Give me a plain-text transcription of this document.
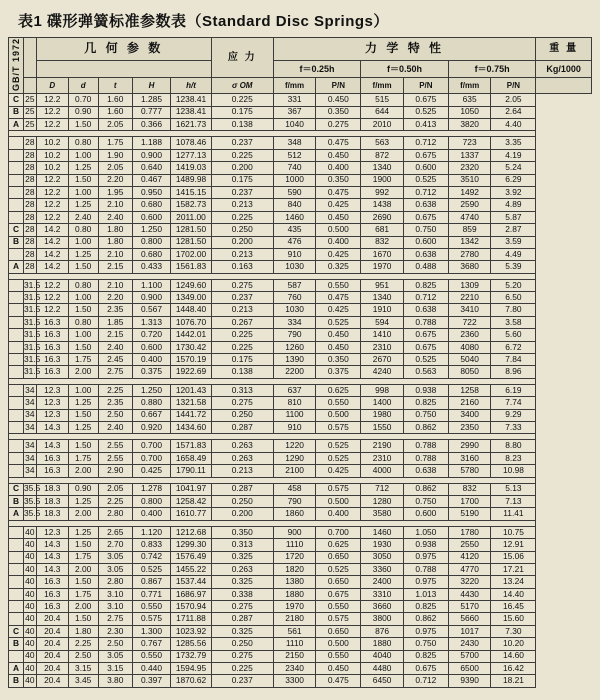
表1 碟形弹簧标准参数表（Standard Disc Springs）
GB/T 1972		几 何 参 数					应 力	力 学 特 性						重 量
								f＝0.25h		f＝0.50h		f＝0.75h		Kg/1000
		D	d	t	H	h/t	σ OM	f/mm	P/N	f/mm	P/N	f/mm	P/N	
C	25	12.2	0.70	1.60	1.285	1238.41	0.225	331	0.450	515	0.675	635	2.05	
B	25	12.2	0.90	1.60	0.777	1238.41	0.175	367	0.350	644	0.525	1050	2.64	
A	25	12.2	1.50	2.05	0.366	1621.73	0.138	1040	0.275	2010	0.413	3820	4.40	

	28	10.2	0.80	1.75	1.188	1078.46	0.237	348	0.475	563	0.712	723	3.35	
	28	10.2	1.00	1.90	0.900	1277.13	0.225	512	0.450	872	0.675	1337	4.19	
	28	10.2	1.25	2.05	0.640	1419.03	0.200	740	0.400	1340	0.600	2320	5.24	
	28	12.2	1.50	2.20	0.467	1489.98	0.175	1000	0.350	1900	0.525	3510	6.29	
	28	12.2	1.00	1.95	0.950	1415.15	0.237	590	0.475	992	0.712	1492	3.92	
	28	12.2	1.25	2.10	0.680	1582.73	0.213	840	0.425	1438	0.638	2590	4.89	
	28	12.2	2.40	2.40	0.600	2011.00	0.225	1460	0.450	2690	0.675	4740	5.87	
C	28	14.2	0.80	1.80	1.250	1281.50	0.250	435	0.500	681	0.750	859	2.87	
B	28	14.2	1.00	1.80	0.800	1281.50	0.200	476	0.400	832	0.600	1342	3.59	
	28	14.2	1.25	2.10	0.680	1702.00	0.213	910	0.425	1670	0.638	2780	4.49	
A	28	14.2	1.50	2.15	0.433	1561.83	0.163	1030	0.325	1970	0.488	3680	5.39	

	31.5	12.2	0.80	2.10	1.100	1249.60	0.275	587	0.550	951	0.825	1309	5.20	
	31.5	12.2	1.00	2.20	0.900	1349.00	0.237	760	0.475	1340	0.712	2210	6.50	
	31.5	12.2	1.50	2.35	0.567	1448.40	0.213	1030	0.425	1910	0.638	3410	7.80	
	31.5	16.3	0.80	1.85	1.313	1076.70	0.267	334	0.525	594	0.788	722	3.58	
	31.5	16.3	1.00	2.15	0.720	1442.01	0.225	790	0.450	1410	0.675	2360	5.60	
	31.5	16.3	1.50	2.40	0.600	1730.42	0.225	1260	0.450	2310	0.675	4080	6.72	
	31.5	16.3	1.75	2.45	0.400	1570.19	0.175	1390	0.350	2670	0.525	5040	7.84	
	31.5	16.3	2.00	2.75	0.375	1922.69	0.138	2200	0.375	4240	0.563	8050	8.96	

	34	12.3	1.00	2.25	1.250	1201.43	0.313	637	0.625	998	0.938	1258	6.19	
	34	12.3	1.25	2.35	0.880	1321.58	0.275	810	0.550	1400	0.825	2160	7.74	
	34	12.3	1.50	2.50	0.667	1441.72	0.250	1100	0.500	1980	0.750	3400	9.29	
	34	14.3	1.25	2.40	0.920	1434.60	0.287	910	0.575	1550	0.862	2350	7.33	

	34	14.3	1.50	2.55	0.700	1571.83	0.263	1220	0.525	2190	0.788	2990	8.80	
	34	16.3	1.75	2.55	0.700	1658.49	0.263	1290	0.525	2310	0.788	3160	8.23	
	34	16.3	2.00	2.90	0.425	1790.11	0.213	2100	0.425	4000	0.638	5780	10.98	

C	35.5	18.3	0.90	2.05	1.278	1041.97	0.287	458	0.575	712	0.862	832	5.13	
B	35.5	18.3	1.25	2.25	0.800	1258.42	0.250	790	0.500	1280	0.750	1700	7.13	
A	35.5	18.3	2.00	2.80	0.400	1610.77	0.200	1860	0.400	3580	0.600	5190	11.41	

	40	12.3	1.25	2.65	1.120	1212.68	0.350	900	0.700	1460	1.050	1780	10.75	
	40	14.3	1.50	2.70	0.833	1299.30	0.313	1110	0.625	1930	0.938	2550	12.91	
	40	14.3	1.75	3.05	0.742	1576.49	0.325	1720	0.650	3050	0.975	4120	15.06	
	40	14.3	2.00	3.05	0.525	1455.22	0.263	1820	0.525	3360	0.788	4770	17.21	
	40	16.3	1.50	2.80	0.867	1537.44	0.325	1380	0.650	2400	0.975	3220	13.24	
	40	16.3	1.75	3.10	0.771	1686.97	0.338	1880	0.675	3310	1.013	4430	14.40	
	40	16.3	2.00	3.10	0.550	1570.94	0.275	1970	0.550	3660	0.825	5170	16.45	
	40	20.4	1.50	2.75	0.575	1711.88	0.287	2180	0.575	3800	0.862	5660	15.60	
C	40	20.4	1.80	2.30	1.300	1023.92	0.325	561	0.650	876	0.975	1017	7.30	
B	40	20.4	2.25	2.50	0.767	1285.56	0.250	1110	0.500	1880	0.750	2430	10.20	
	40	20.4	2.50	3.05	0.550	1732.79	0.275	2150	0.550	4040	0.825	5700	14.60	
A	40	20.4	3.15	3.15	0.440	1594.95	0.225	2340	0.450	4480	0.675	6500	16.42	
B	40	20.4	3.45	3.80	0.397	1870.62	0.237	3300	0.475	6450	0.712	9390	18.21	
